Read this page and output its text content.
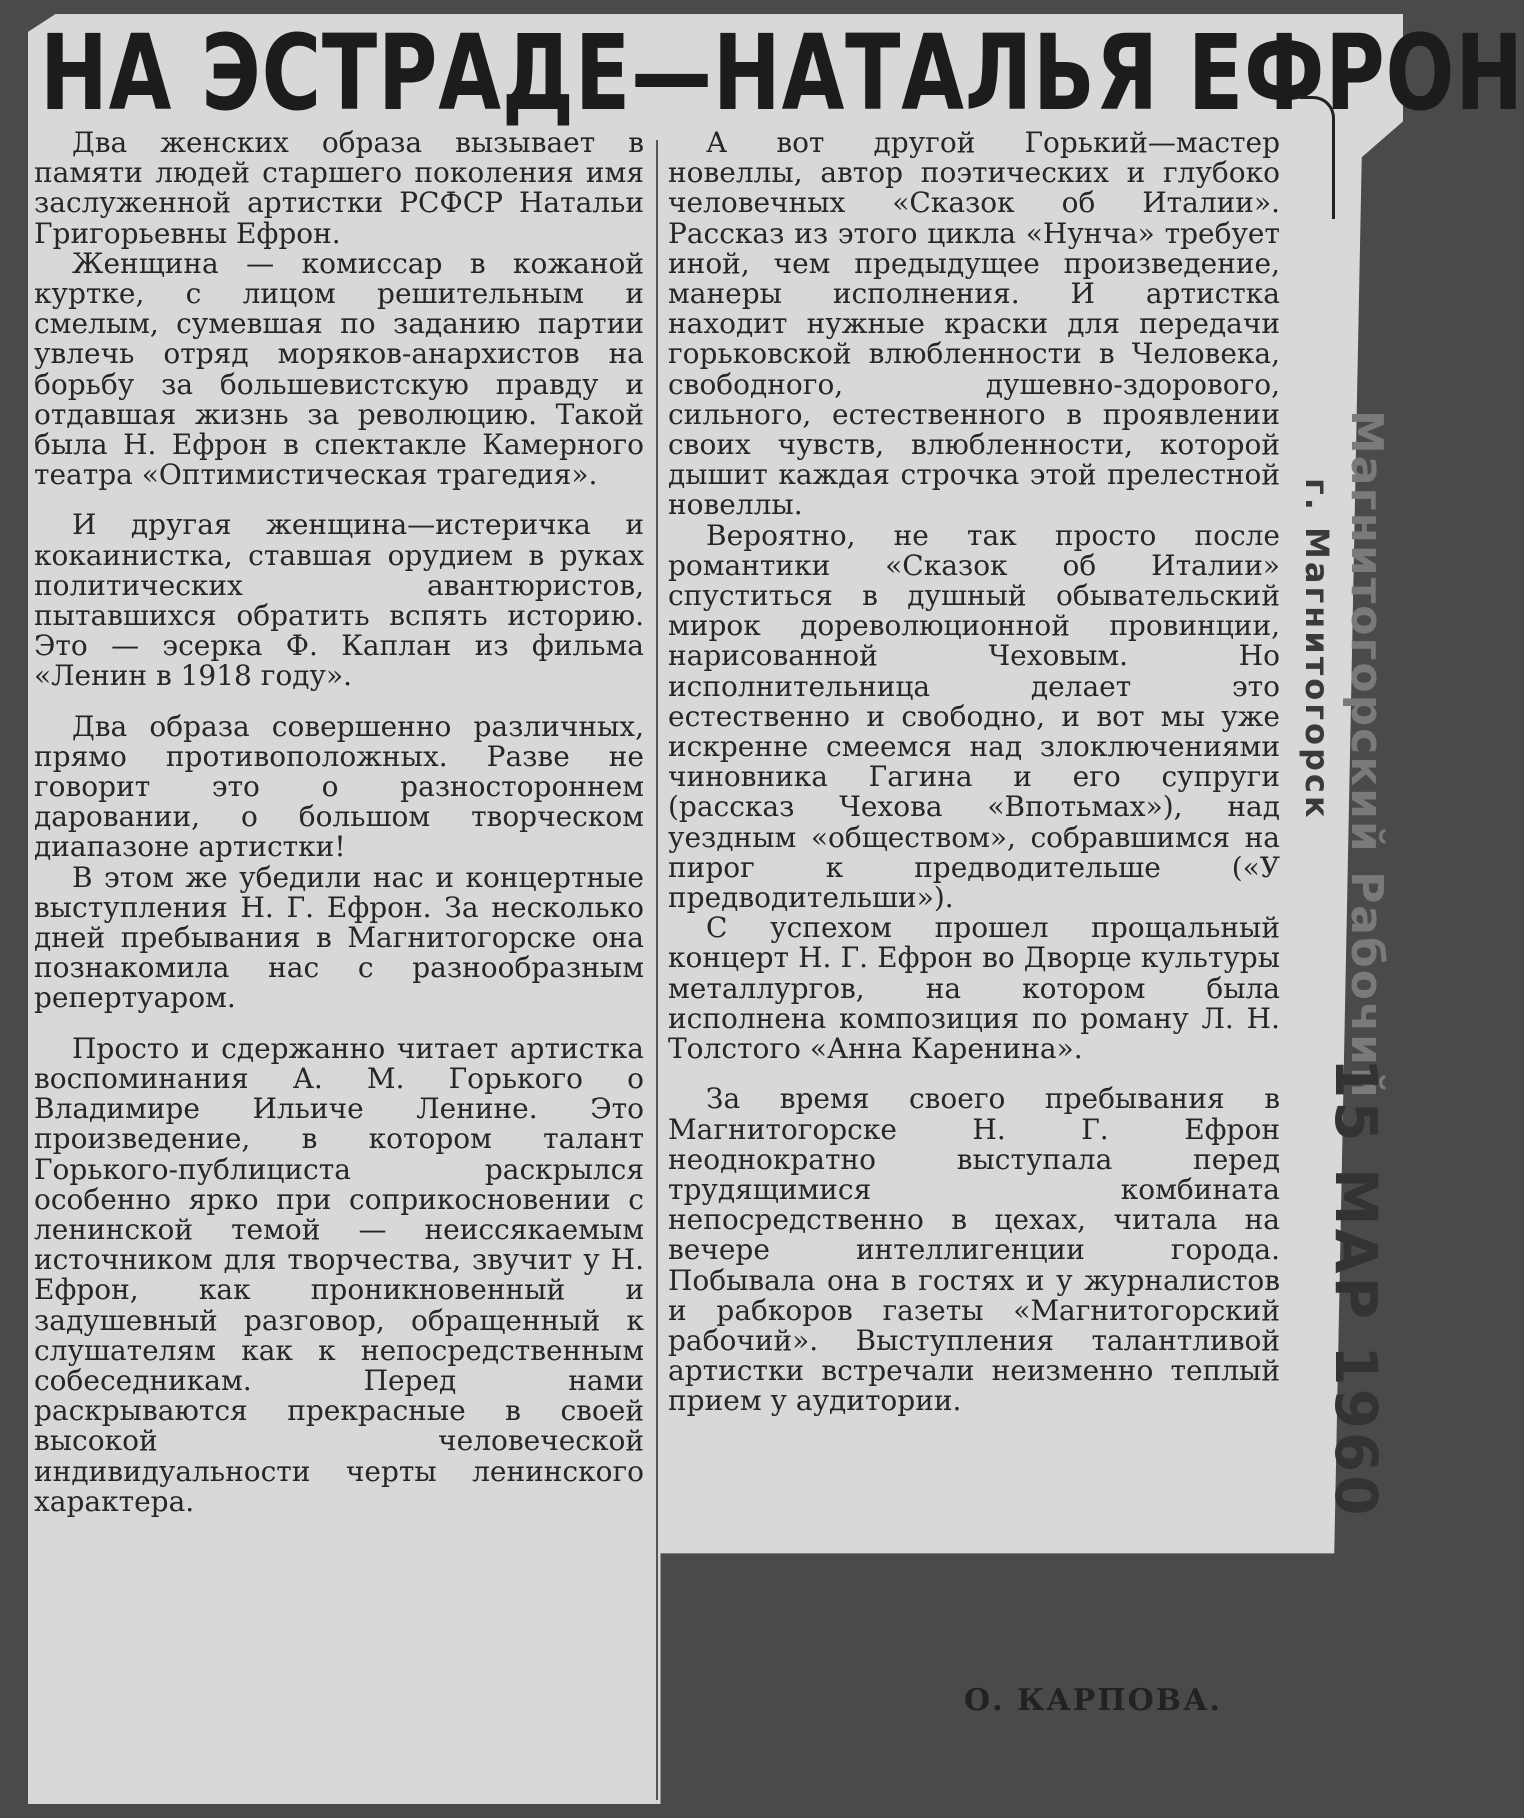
НА ЭСТРАДЕ—НАТАЛЬЯ ЕФРОН

Два женских образа вызывает в памяти людей старшего поколения имя заслуженной артистки РСФСР Натальи Григорьевны Ефрон.

Женщина — комиссар в кожаной куртке, с лицом решительным и смелым, сумевшая по заданию партии увлечь отряд моряков-анархистов на борьбу за большевистскую правду и отдавшая жизнь за революцию. Такой была Н. Ефрон в спектакле Камерного театра «Оптимистическая трагедия».

И другая женщина—истеричка и кокаинистка, ставшая орудием в руках политических авантюристов, пытавшихся обратить вспять историю. Это — эсерка Ф. Каплан из фильма «Ленин в 1918 году».

Два образа совершенно различных, прямо противоположных. Разве не говорит это о разностороннем даровании, о большом творческом диапазоне артистки!

В этом же убедили нас и концертные выступления Н. Г. Ефрон. За несколько дней пребывания в Магнитогорске она познакомила нас с разнообразным репертуаром.

Просто и сдержанно читает артистка воспоминания А. М. Горького о Владимире Ильиче Ленине. Это произведение, в котором талант Горького-публициста раскрылся особенно ярко при соприкосновении с ленинской темой — неиссякаемым источником для творчества, звучит у Н. Ефрон, как проникновенный и задушевный разговор, обращенный к слушателям как к непосредственным собеседникам. Перед нами раскрываются прекрасные в своей высокой человеческой индивидуальности черты ленинского характера.

А вот другой Горький—мастер новеллы, автор поэтических и глубоко человечных «Сказок об Италии». Рассказ из этого цикла «Нунча» требует иной, чем предыдущее произведение, манеры исполнения. И артистка находит нужные краски для передачи горьковской влюбленности в Человека, свободного, душевно-здорового, сильного, естественного в проявлении своих чувств, влюбленности, которой дышит каждая строчка этой прелестной новеллы.

Вероятно, не так просто после романтики «Сказок об Италии» спуститься в душный обывательский мирок дореволюционной провинции, нарисованной Чеховым. Но исполнительница делает это естественно и свободно, и вот мы уже искренне смеемся над злоключениями чиновника Гагина и его супруги (рассказ Чехова «Впотьмах»), над уездным «обществом», собравшимся на пирог к предводительше («У предводительши»).

С успехом прошел прощальный концерт Н. Г. Ефрон во Дворце культуры металлургов, на котором была исполнена композиция по роману Л. Н. Толстого «Анна Каренина».

За время своего пребывания в Магнитогорске Н. Г. Ефрон неоднократно выступала перед трудящимися комбината непосредственно в цехах, читала на вечере интеллигенции города. Побывала она в гостях и у журналистов и рабкоров газеты «Магнитогорский рабочий». Выступления талантливой артистки встречали неизменно теплый прием у аудитории.

О. КАРПОВА.
Магнитогорский Рабочий
г. Магнитогорск
15 МАР 1960
